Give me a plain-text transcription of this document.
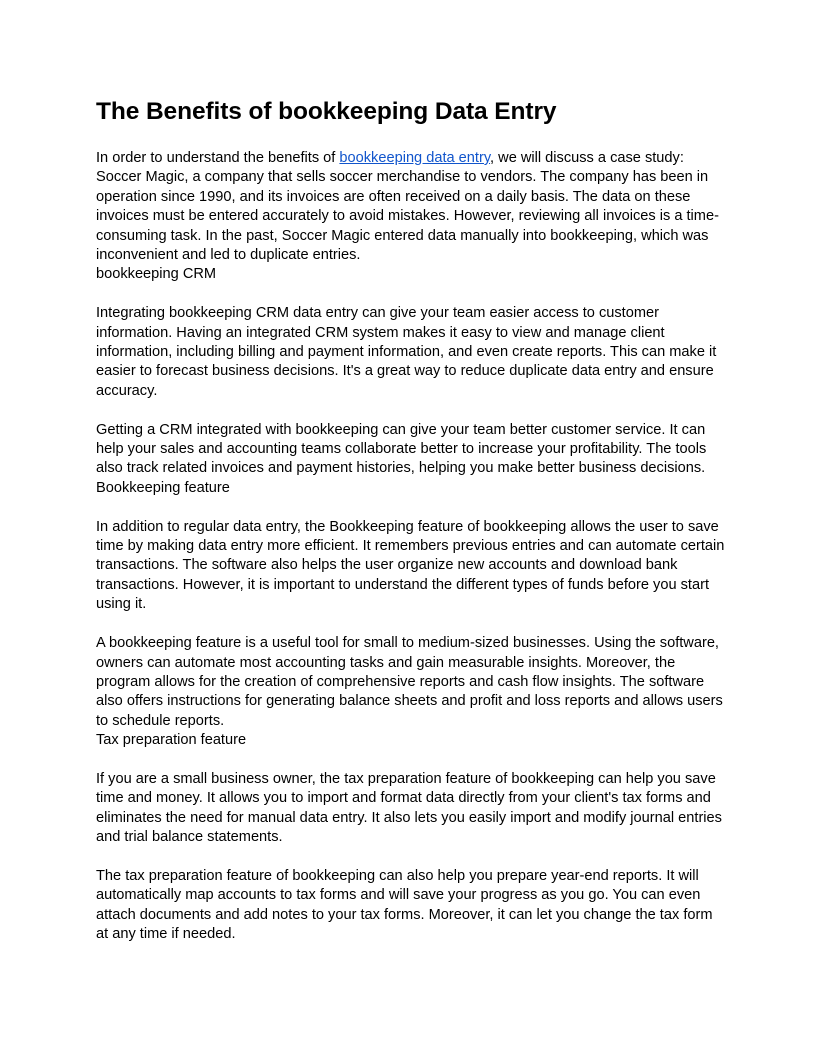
The Benefits of bookkeeping Data Entry

In order to understand the benefits of bookkeeping data entry, we will discuss a case study: Soccer Magic, a company that sells soccer merchandise to vendors. The company has been in operation since 1990, and its invoices are often received on a daily basis. The data on these invoices must be entered accurately to avoid mistakes. However, reviewing all invoices is a time-consuming task. In the past, Soccer Magic entered data manually into bookkeeping, which was inconvenient and led to duplicate entries.

bookkeeping CRM

Integrating bookkeeping CRM data entry can give your team easier access to customer information. Having an integrated CRM system makes it easy to view and manage client information, including billing and payment information, and even create reports. This can make it easier to forecast business decisions. It's a great way to reduce duplicate data entry and ensure accuracy.

Getting a CRM integrated with bookkeeping can give your team better customer service. It can help your sales and accounting teams collaborate better to increase your profitability. The tools also track related invoices and payment histories, helping you make better business decisions.

Bookkeeping feature

In addition to regular data entry, the Bookkeeping feature of bookkeeping allows the user to save time by making data entry more efficient. It remembers previous entries and can automate certain transactions. The software also helps the user organize new accounts and download bank transactions. However, it is important to understand the different types of funds before you start using it.

A bookkeeping feature is a useful tool for small to medium-sized businesses. Using the software, owners can automate most accounting tasks and gain measurable insights. Moreover, the program allows for the creation of comprehensive reports and cash flow insights. The software also offers instructions for generating balance sheets and profit and loss reports and allows users to schedule reports.

Tax preparation feature

If you are a small business owner, the tax preparation feature of bookkeeping can help you save time and money. It allows you to import and format data directly from your client's tax forms and eliminates the need for manual data entry. It also lets you easily import and modify journal entries and trial balance statements.

The tax preparation feature of bookkeeping can also help you prepare year-end reports. It will automatically map accounts to tax forms and will save your progress as you go. You can even attach documents and add notes to your tax forms. Moreover, it can let you change the tax form at any time if needed.
